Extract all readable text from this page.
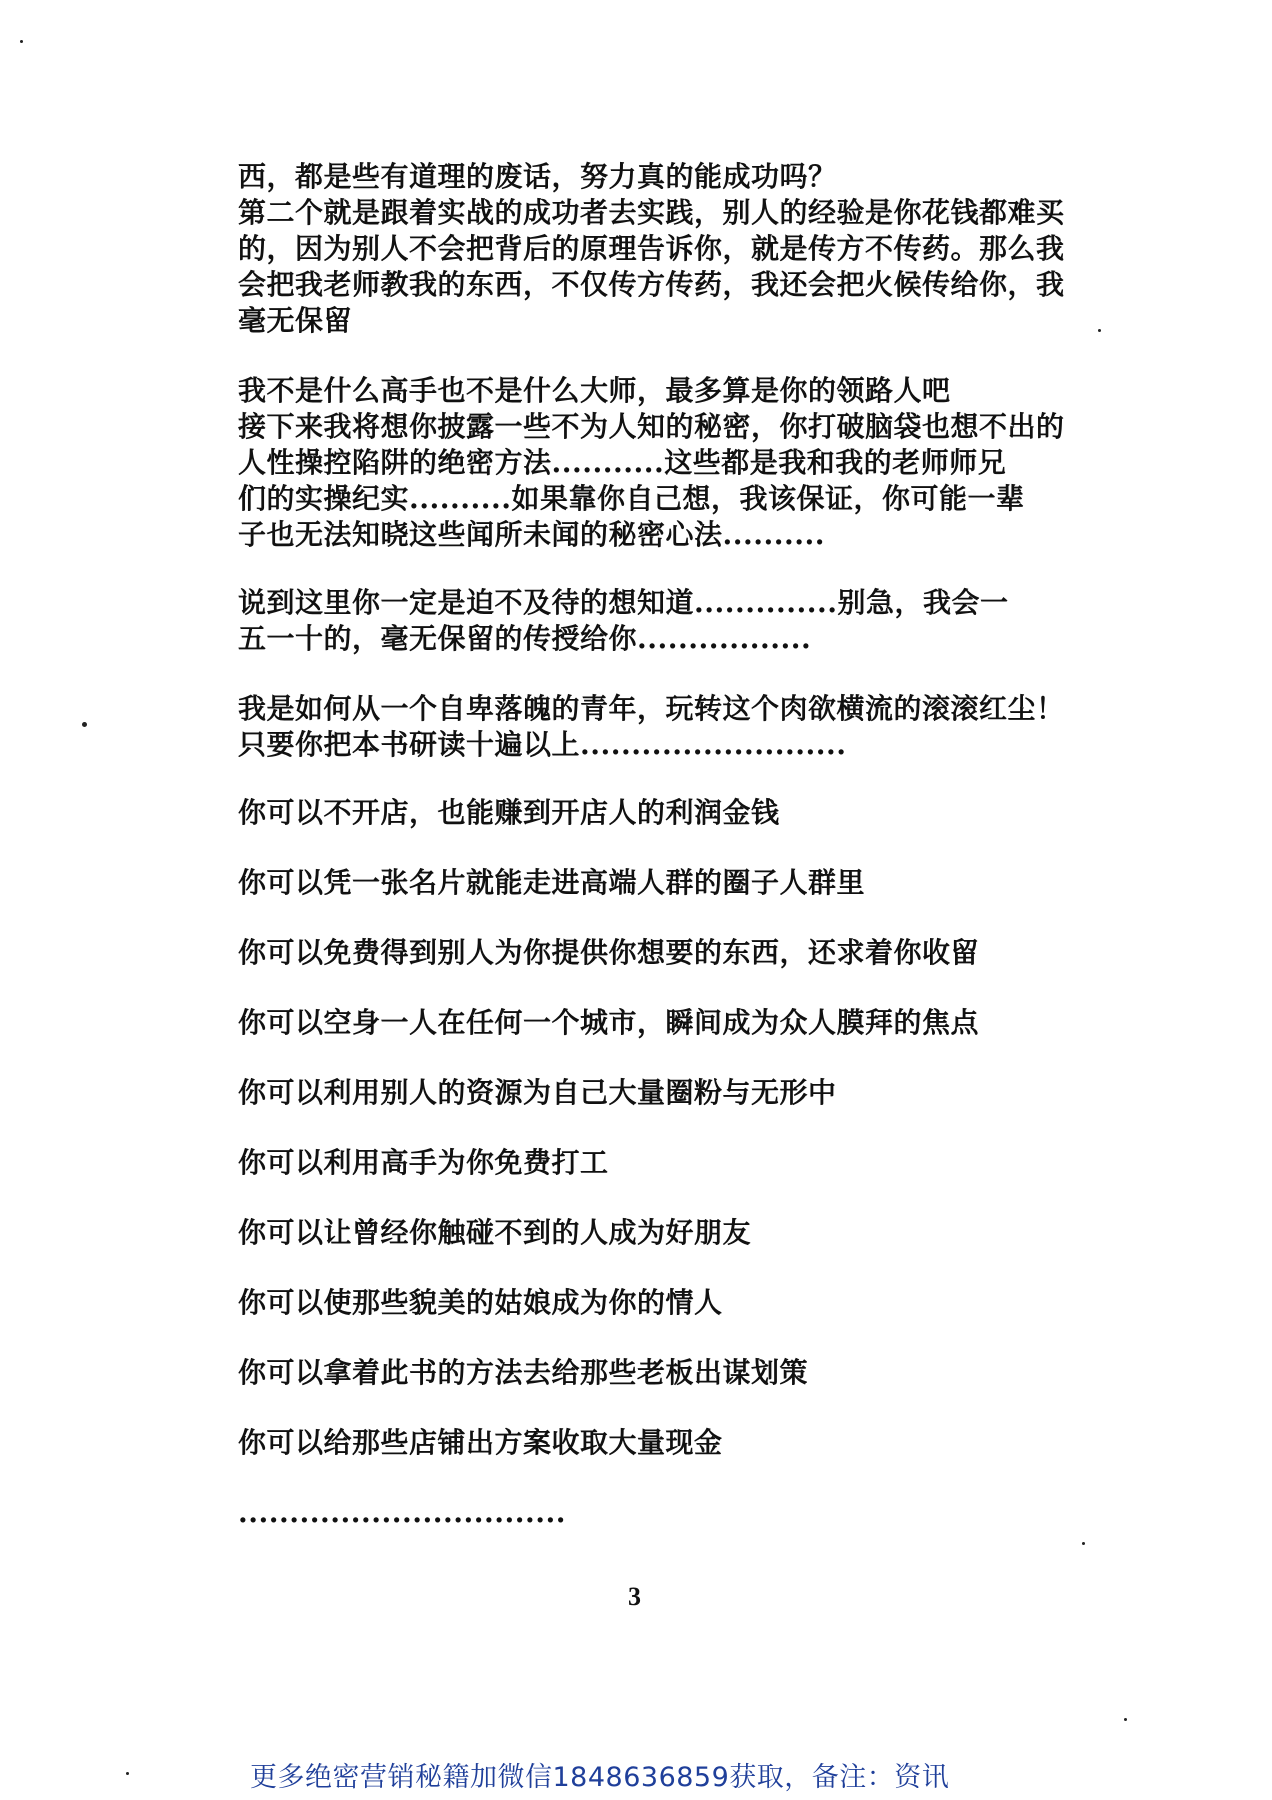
西，都是些有道理的废话，努力真的能成功吗？
第二个就是跟着实战的成功者去实践，别人的经验是你花钱都难买
的，因为别人不会把背后的原理告诉你，就是传方不传药。那么我
会把我老师教我的东西，不仅传方传药，我还会把火候传给你，我
毫无保留
我不是什么高手也不是什么大师，最多算是你的领路人吧
接下来我将想你披露一些不为人知的秘密，你打破脑袋也想不出的
人性操控陷阱的绝密方法...........这些都是我和我的老师师兄
们的实操纪实..........如果靠你自己想，我该保证，你可能一辈
子也无法知晓这些闻所未闻的秘密心法..........
说到这里你一定是迫不及待的想知道..............别急，我会一
五一十的，毫无保留的传授给你.................
我是如何从一个自卑落魄的青年，玩转这个肉欲横流的滚滚红尘！
只要你把本书研读十遍以上..........................
你可以不开店，也能赚到开店人的利润金钱
你可以凭一张名片就能走进高端人群的圈子人群里
你可以免费得到别人为你提供你想要的东西，还求着你收留
你可以空身一人在任何一个城市，瞬间成为众人膜拜的焦点
你可以利用别人的资源为自己大量圈粉与无形中
你可以利用高手为你免费打工
你可以让曾经你触碰不到的人成为好朋友
你可以使那些貌美的姑娘成为你的情人
你可以拿着此书的方法去给那些老板出谋划策
你可以给那些店铺出方案收取大量现金
................................
3
更多绝密营销秘籍加微信1848636859获取，备注：资讯
